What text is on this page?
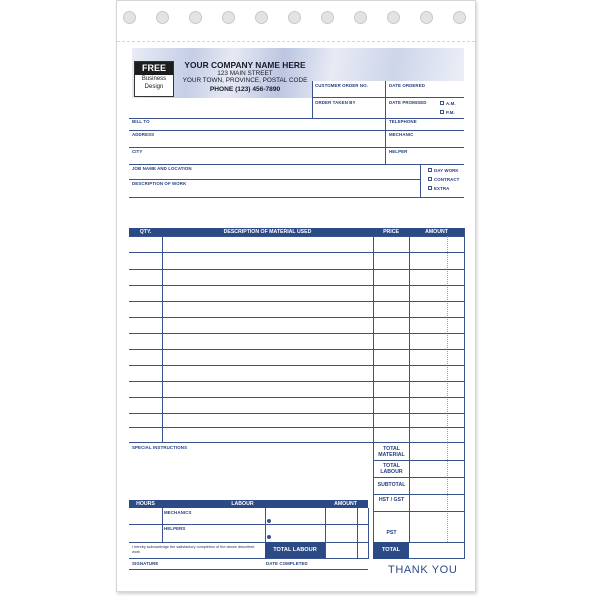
FREE
Business
Design
YOUR COMPANY NAME HERE
123 MAIN STREET
YOUR TOWN, PROVINCE, POSTAL CODE
PHONE (123) 456-7890	CUSTOMER ORDER NO.	DATE ORDERED
ORDER TAKEN BY	DATE PROMISED	A.M.
P.M.
BILL TO	TELEPHONE
ADDRESS	MECHANIC
CITY	HELPER
JOB NAME AND LOCATION
DESCRIPTION OF WORK
DAY WORK
CONTRACT
EXTRA
QTY.	DESCRIPTION OF MATERIAL USED	PRICE	AMOUNT
SPECIAL INSTRUCTIONS	TOTAL MATERIAL
TOTAL LABOUR
SUBTOTAL
HST / GST
PST
TOTAL
HOURS	LABOUR	AMOUNT
MECHANICS
HELPERS
I hereby acknowledge the satisfactory completion of the above described work	TOTAL LABOUR
SIGNATURE	DATE COMPLETED
THANK YOU
